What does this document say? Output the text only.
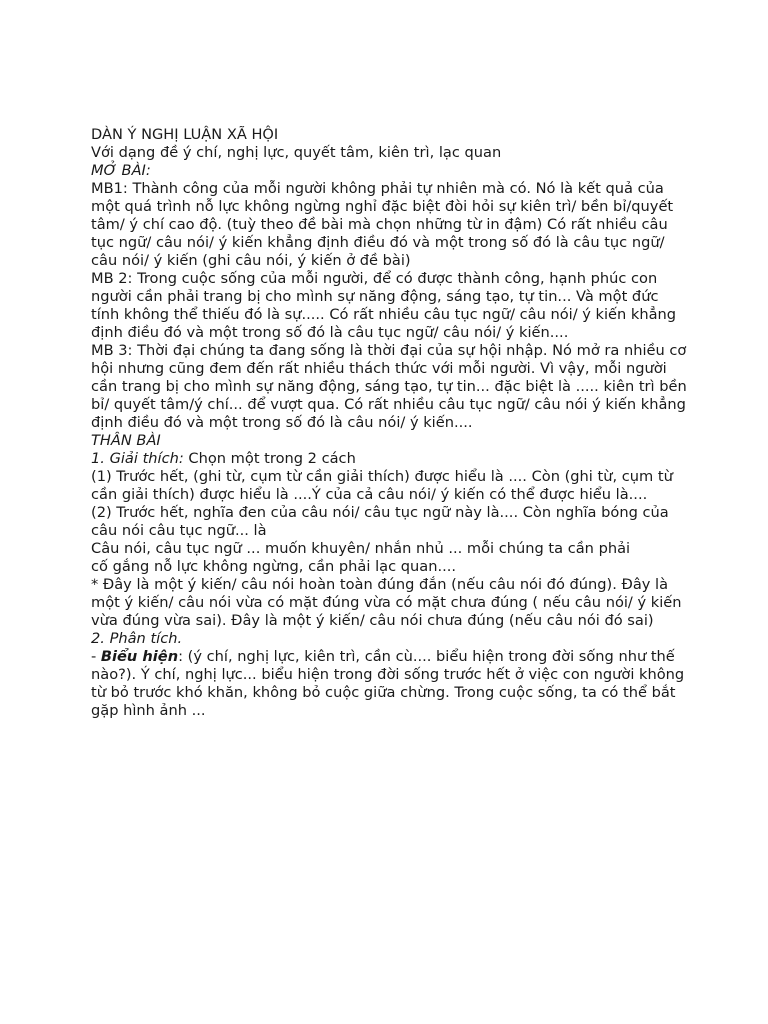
DÀN Ý NGHỊ LUẬN XÃ HỘI

Với dạng đề ý chí, nghị lực, quyết tâm, kiên trì, lạc quan

MỞ BÀI:

MB1: Thành công của mỗi người không phải tự nhiên mà có. Nó là kết quả của một quá trình nỗ lực không ngừng nghỉ đặc biệt đòi hỏi sự kiên trì/ bền bỉ/quyết tâm/ ý chí cao độ. (tuỳ theo đề bài mà chọn những từ in đậm) Có rất nhiều câu tục ngữ/ câu nói/ ý kiến khẳng định điều đó và một trong số đó là câu tục ngữ/ câu nói/ ý kiến (ghi câu nói, ý kiến ở đề bài)

MB 2: Trong cuộc sống của mỗi người, để có được thành công, hạnh phúc con người cần phải trang bị cho mình sự năng động, sáng tạo, tự tin... Và một đức tính không thể thiếu đó là sự..... Có rất nhiều câu tục ngữ/ câu nói/ ý kiến khẳng định điều đó và một trong số đó là câu tục ngữ/ câu nói/ ý kiến....

MB 3: Thời đại chúng ta đang sống là thời đại của sự hội nhập. Nó mở ra nhiều cơ hội nhưng cũng đem đến rất nhiều thách thức với mỗi người. Vì vậy, mỗi người cần trang bị cho mình sự năng động, sáng tạo, tự tin... đặc biệt là ..... kiên trì bền bỉ/ quyết tâm/ý chí... để vượt qua. Có rất nhiều câu tục ngữ/ câu nói ý kiến khẳng định điều đó và một trong số đó là câu nói/ ý kiến....

THÂN BÀI

1. Giải thích: Chọn một trong 2 cách

(1) Trước hết, (ghi từ, cụm từ cần giải thích) được hiểu là .... Còn (ghi từ, cụm từ

cần giải thích) được hiểu là ....Ý của cả câu nói/ ý kiến có thể được hiểu là....

(2) Trước hết, nghĩa đen của câu nói/ câu tục ngữ này là.... Còn nghĩa bóng của

câu nói câu tục ngữ... là

Câu nói, câu tục ngữ ... muốn khuyên/ nhắn nhủ ... mỗi chúng ta cần phải

cố gắng nỗ lực không ngừng, cần phải lạc quan....

* Đây là một ý kiến/ câu nói hoàn toàn đúng đắn (nếu câu nói đó đúng). Đây là một ý kiến/ câu nói vừa có mặt đúng vừa có mặt chưa đúng ( nếu câu nói/ ý kiến vừa đúng vừa sai). Đây là một ý kiến/ câu nói chưa đúng (nếu câu nói đó sai)

2. Phân tích.

- Biểu hiện: (ý chí, nghị lực, kiên trì, cần cù.... biểu hiện trong đời sống như thế nào?). Ý chí, nghị lực... biểu hiện trong đời sống trước hết ở việc con người không từ bỏ trước khó khăn, không bỏ cuộc giữa chừng. Trong cuộc sống, ta có thể bắt gặp hình ảnh ...
